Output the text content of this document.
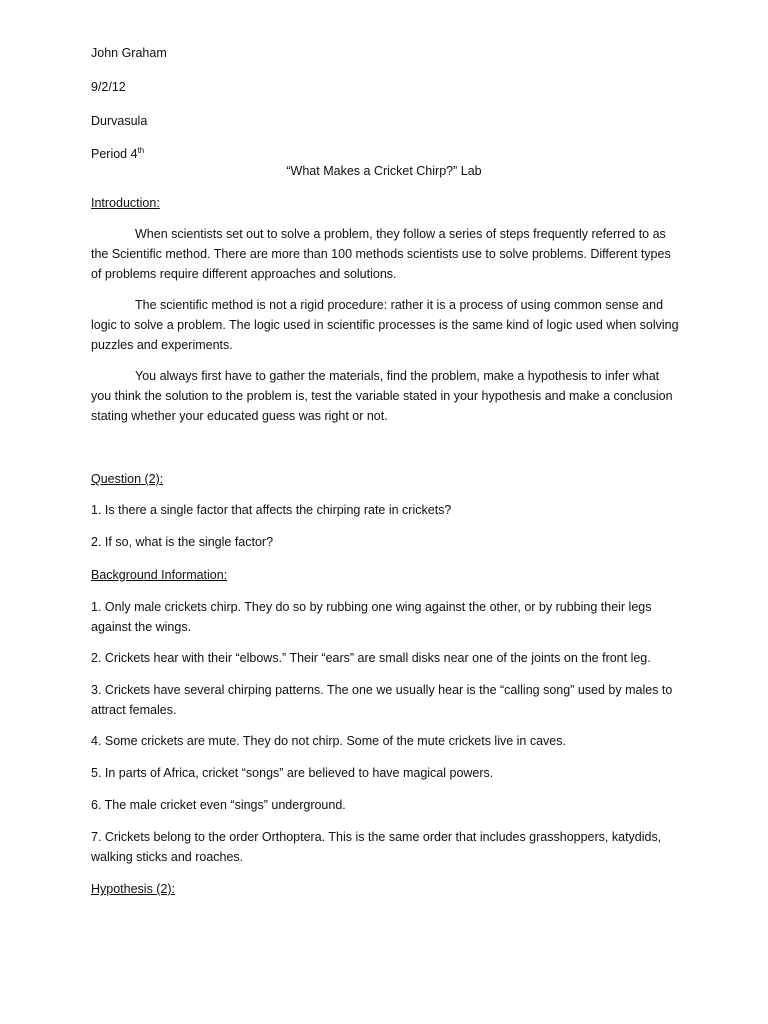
John Graham
9/2/12
Durvasula
Period 4th
“What Makes a Cricket Chirp?” Lab
Introduction:
When scientists set out to solve a problem, they follow a series of steps frequently referred to as the Scientific method. There are more than 100 methods scientists use to solve problems. Different types of problems require different approaches and solutions.
The scientific method is not a rigid procedure: rather it is a process of using common sense and logic to solve a problem. The logic used in scientific processes is the same kind of logic used when solving puzzles and experiments.
You always first have to gather the materials, find the problem, make a hypothesis to infer what you think the solution to the problem is, test the variable stated in your hypothesis and make a conclusion stating whether your educated guess was right or not.
Question (2):
1. Is there a single factor that affects the chirping rate in crickets?
2. If so, what is the single factor?
Background Information:
1. Only male crickets chirp. They do so by rubbing one wing against the other, or by rubbing their legs against the wings.
2. Crickets hear with their “elbows.” Their “ears” are small disks near one of the joints on the front leg.
3. Crickets have several chirping patterns. The one we usually hear is the “calling song” used by males to attract females.
4. Some crickets are mute. They do not chirp. Some of the mute crickets live in caves.
5. In parts of Africa, cricket “songs” are believed to have magical powers.
6. The male cricket even “sings” underground.
7. Crickets belong to the order Orthoptera. This is the same order that includes grasshoppers, katydids, walking sticks and roaches.
Hypothesis (2):
